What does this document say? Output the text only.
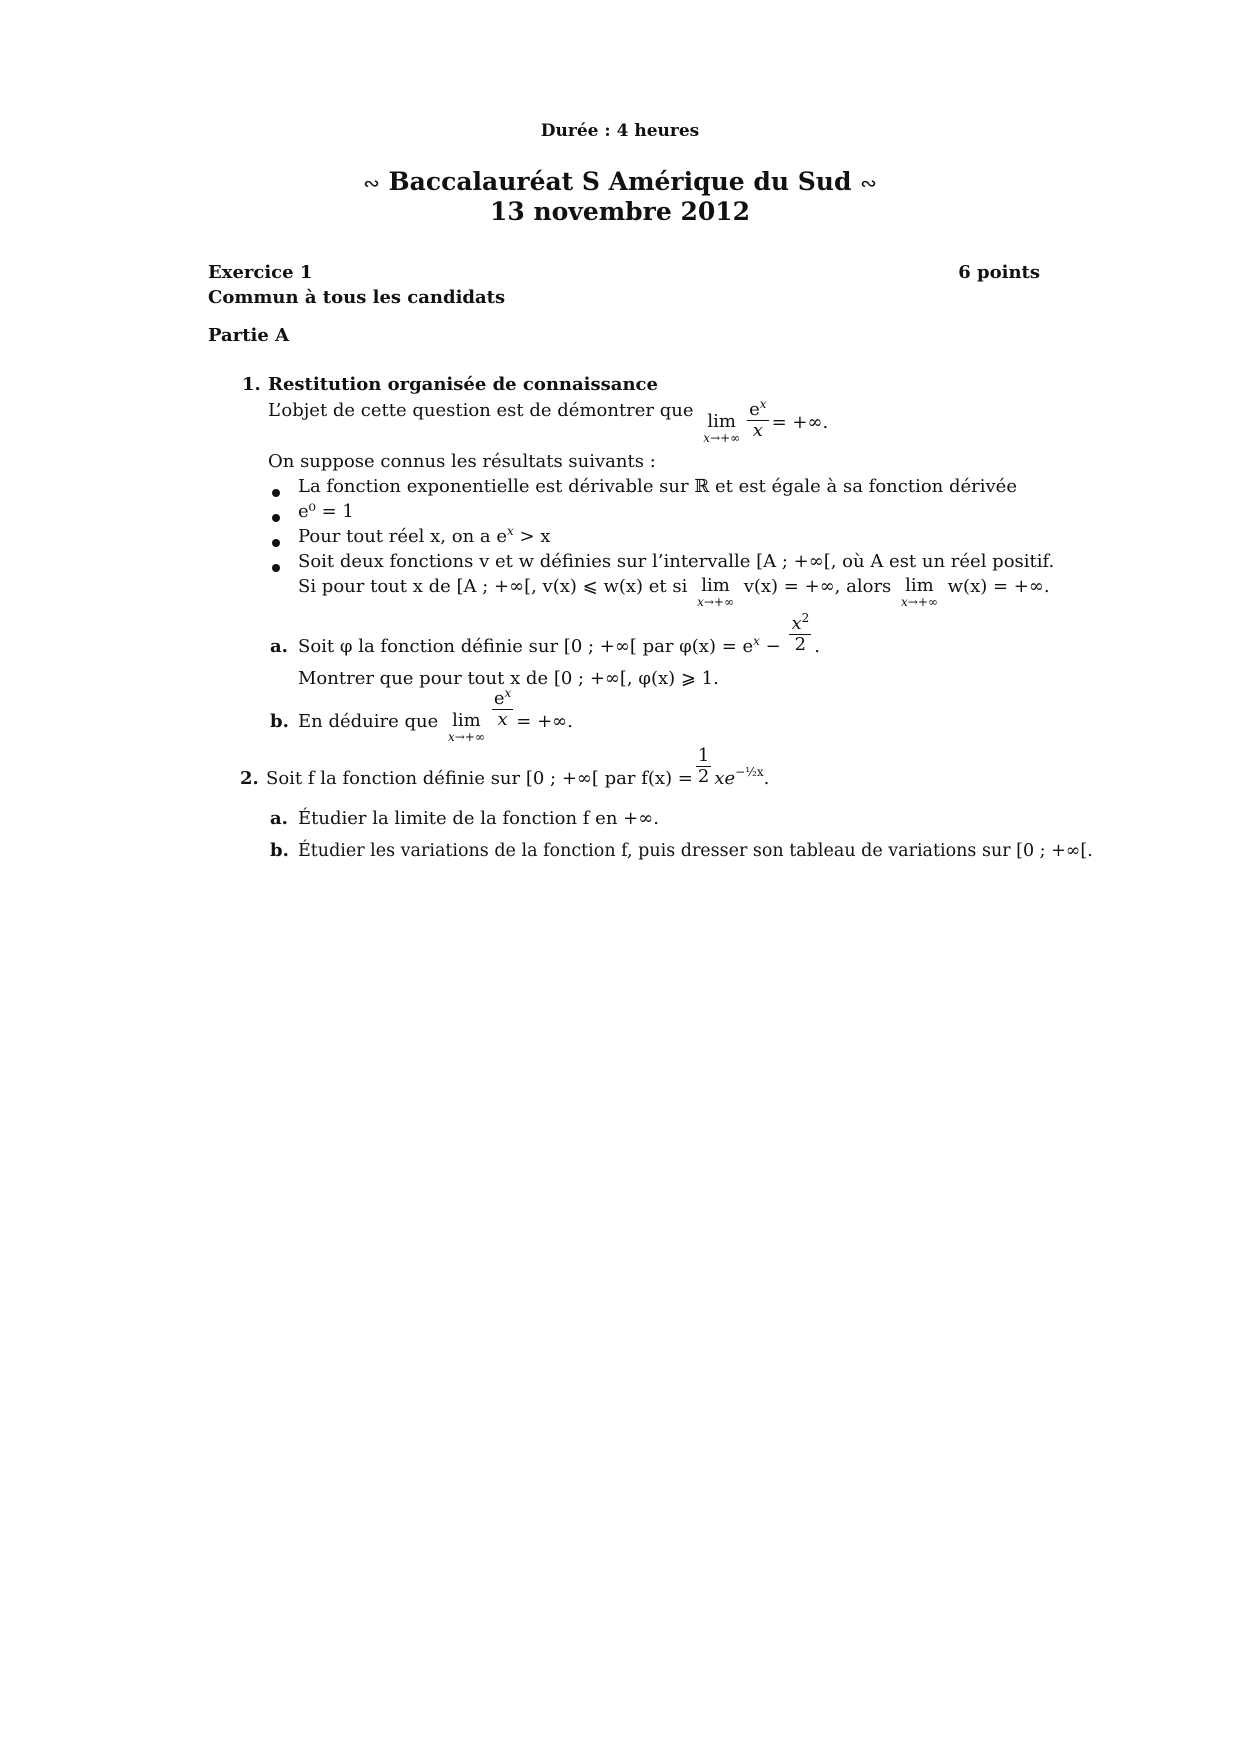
Durée : 4 heures
∾ Baccalauréat S Amérique du Sud ∾
13 novembre 2012
Exercice 1	6 points
Commun à tous les candidats
Partie A
1. Restitution organisée de connaissance
L’objet de cette question est de démontrer que
lim
$x\to+\infty \frac{e^x}{x}$ = +∞.
On suppose connus les résultats suivants :
La fonction exponentielle est dérivable sur ℝ et est égale à sa fonction dérivée
e⁰ = 1
Pour tout réel x, on a $e^x > x$
Soit deux fonctions v et w définies sur l’intervalle [A ; +∞[, où A est un réel positif.
Si pour tout x de [A ; +∞[, v(x) ⩽ w(x) et si lim
x→+∞
v(x) = +∞, alors lim
x→+∞
w(x) = +∞.
a. Soit φ la fonction définie sur [0 ; +∞[ par $\varphi(x) = e^x - \frac{x^2}{2}$ .
Montrer que pour tout x de [0 ; +∞[, φ(x) ⩾ 1.
b. En déduire que lim
x→+∞
$\frac{e^x}{x}$ = +∞.
2. Soit f la fonction définie sur [0 ; +∞[ par $f(x) = \frac{1}{2} xe^{-\frac{1}{2}x}$.
a. Étudier la limite de la fonction f en +∞.
b. Étudier les variations de la fonction f, puis dresser son tableau de variations sur [0 ; +∞[.
